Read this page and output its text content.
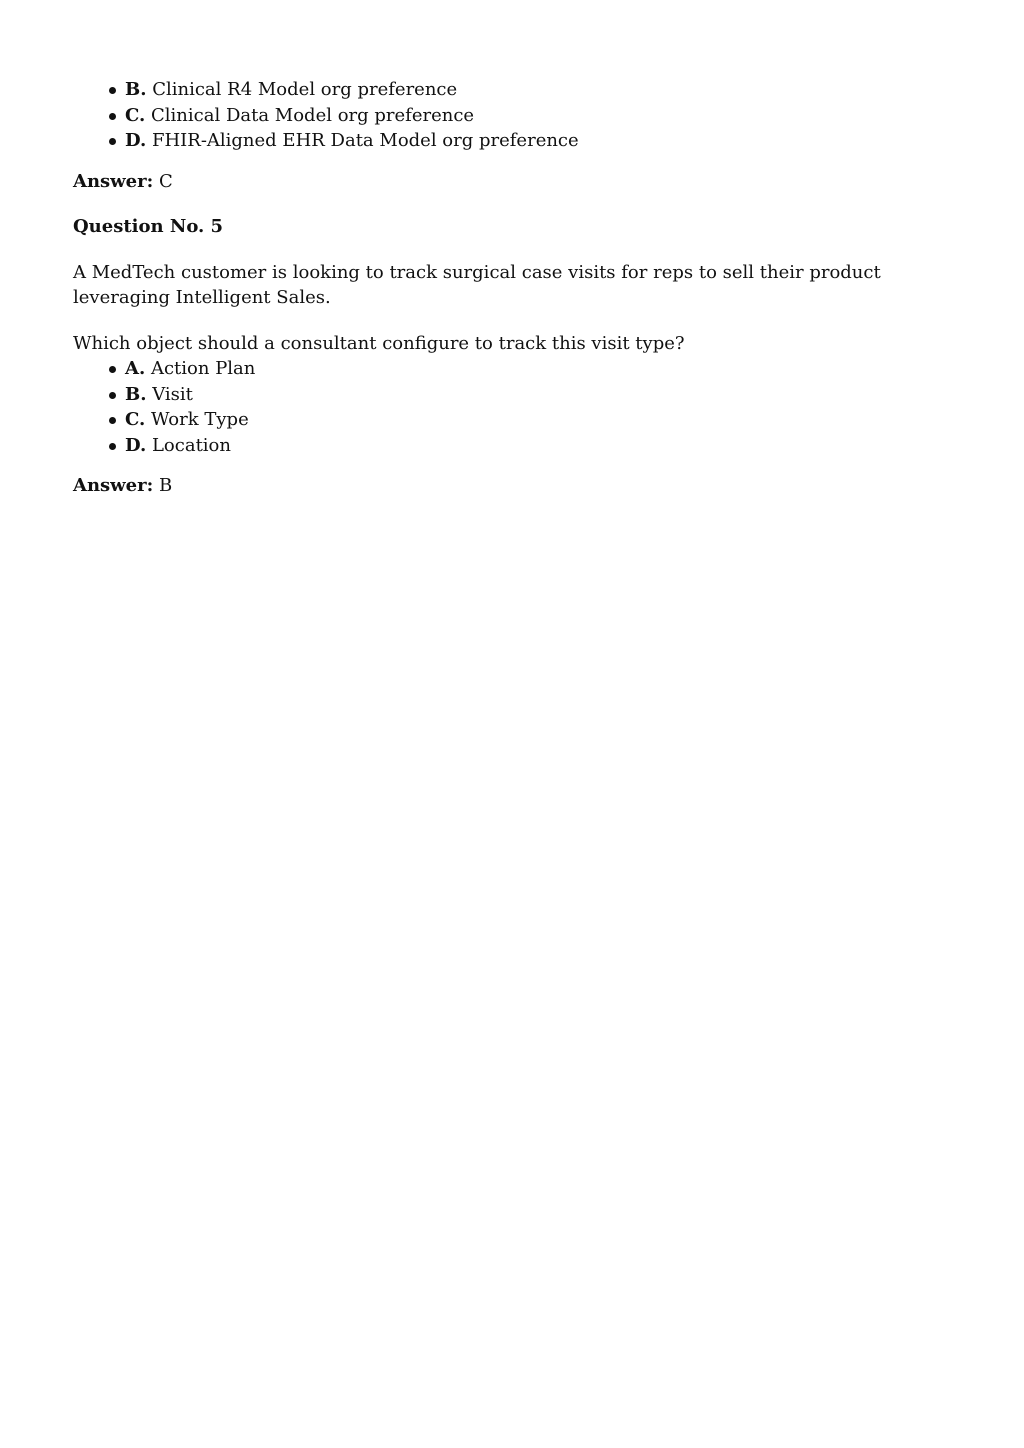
B. Clinical R4 Model org preference
C. Clinical Data Model org preference
D. FHIR-Aligned EHR Data Model org preference

Answer: C

Question No. 5

A MedTech customer is looking to track surgical case visits for reps to sell their product leveraging Intelligent Sales.

Which object should a consultant configure to track this visit type?

A. Action Plan
B. Visit
C. Work Type
D. Location

Answer: B
